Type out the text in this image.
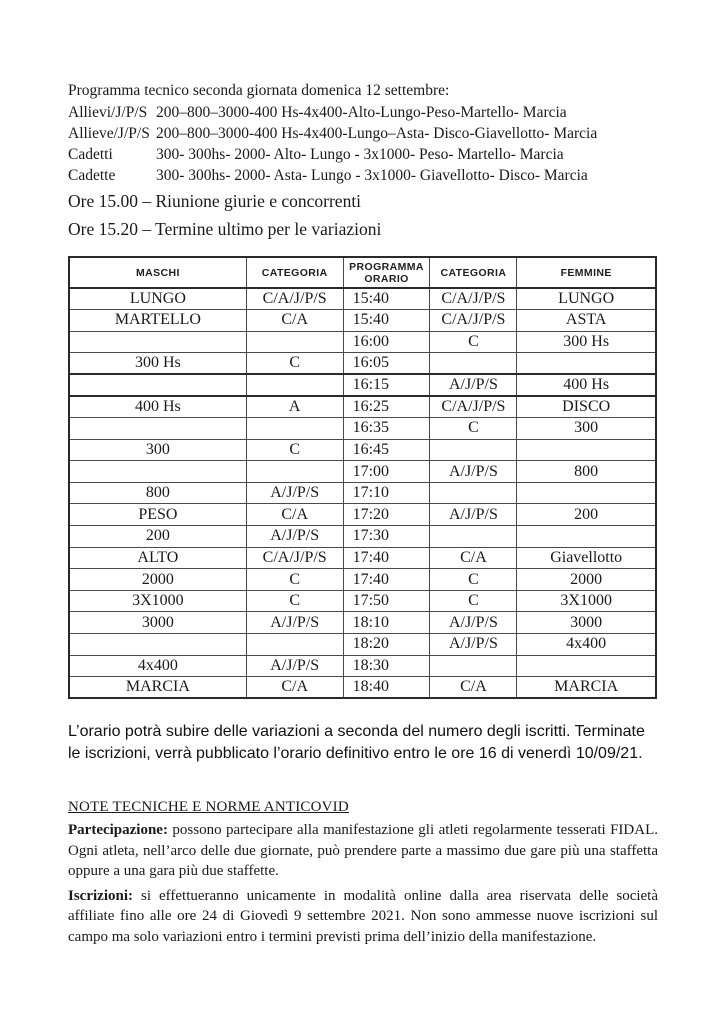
Programma tecnico seconda giornata domenica 12 settembre:

Allievi/J/P/S 200–800–3000-400 Hs-4x400-Alto-Lungo-Peso-Martello- Marcia
Allieve/J/P/S 200–800–3000-400 Hs-4x400-Lungo–Asta- Disco-Giavellotto- Marcia
Cadetti	300- 300hs- 2000- Alto- Lungo - 3x1000- Peso- Martello- Marcia
Cadette	300- 300hs- 2000- Asta- Lungo - 3x1000- Giavellotto- Disco- Marcia

Ore 15.00 – Riunione giurie e concorrenti

Ore 15.20 – Termine ultimo per le variazioni

MASCHI	CATEGORIA	PROGRAMMA ORARIO	CATEGORIA	FEMMINE
LUNGO	C/A/J/P/S	15:40	C/A/J/P/S	LUNGO
MARTELLO	C/A	15:40	C/A/J/P/S	ASTA
		16:00	C	300 Hs
300 Hs	C	16:05		
		16:15	A/J/P/S	400 Hs
400 Hs	A	16:25	C/A/J/P/S	DISCO
		16:35	C	300
300	C	16:45		
		17:00	A/J/P/S	800
800	A/J/P/S	17:10		
PESO	C/A	17:20	A/J/P/S	200
200	A/J/P/S	17:30		
ALTO	C/A/J/P/S	17:40	C/A	Giavellotto
2000	C	17:40	C	2000
3X1000	C	17:50	C	3X1000
3000	A/J/P/S	18:10	A/J/P/S	3000
		18:20	A/J/P/S	4x400
4x400	A/J/P/S	18:30		
MARCIA	C/A	18:40	C/A	MARCIA

L’orario potrà subire delle variazioni a seconda del numero degli iscritti. Terminate le iscrizioni, verrà pubblicato l’orario definitivo entro le ore 16 di venerdì 10/09/21.

NOTE TECNICHE E NORME ANTICOVID

Partecipazione: possono partecipare alla manifestazione gli atleti regolarmente tesserati FIDAL. Ogni atleta, nell’arco delle due giornate, può prendere parte a massimo due gare più una staffetta oppure a una gara più due staffette.

Iscrizioni: si effettueranno unicamente in modalità online dalla area riservata delle società affiliate fino alle ore 24 di Giovedì 9 settembre 2021. Non sono ammesse nuove iscrizioni sul campo ma solo variazioni entro i termini previsti prima dell’inizio della manifestazione.
